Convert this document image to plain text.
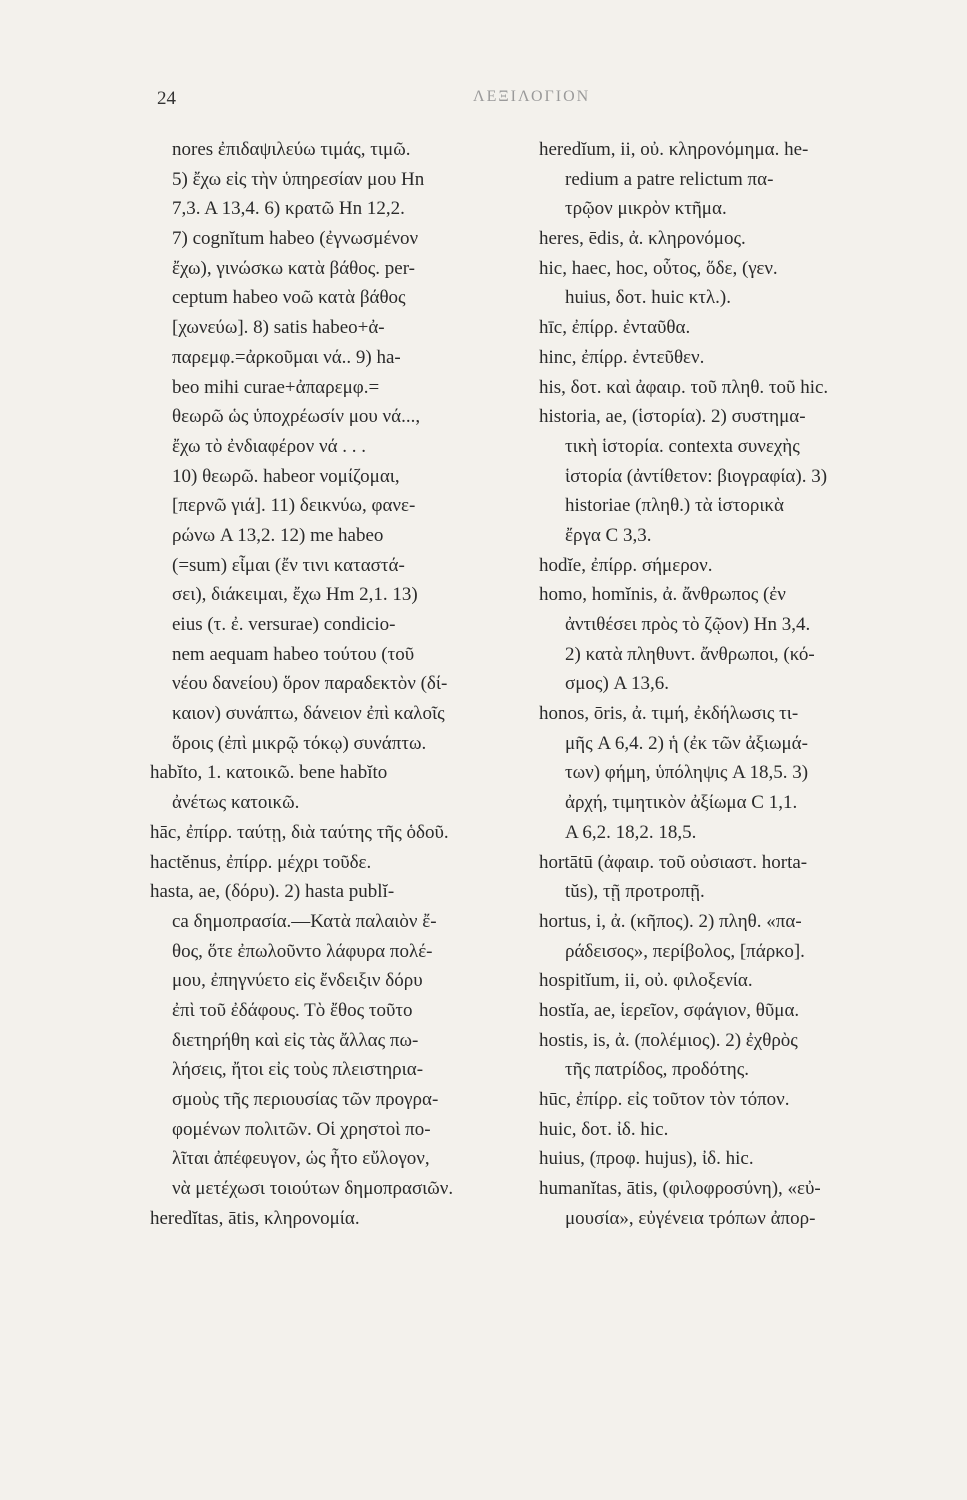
24	ΛΕΞΙΛΟΓΙΟΝ
nores ἐπιδαψιλεύω τιμάς, τιμῶ.
5) ἔχω εἰς τὴν ὑπηρεσίαν μου Hn
7,3. A 13,4. 6) κρατῶ Hn 12,2.
7) cognĭtum habeo (ἐγνωσμένον
ἔχω), γινώσκω κατὰ βάθος. per-
ceptum habeo νοῶ κατὰ βάθος
[χωνεύω]. 8) satis habeo+ἀ-
παρεμφ.=ἀρκοῦμαι νά.. 9) ha-
beo mihi curae+ἀπαρεμφ.=
θεωρῶ ὡς ὑποχρέωσίν μου νά...,
ἔχω τὸ ἐνδιαφέρον νά . . .
10) θεωρῶ. habeor νομίζομαι,
[περνῶ γιά]. 11) δεικνύω, φανε-
ρώνω A 13,2. 12) me habeo
(=sum) εἶμαι (ἔν τινι καταστά-
σει), διάκειμαι, ἔχω Hm 2,1. 13)
eius (τ. ἐ. versurae) condicio-
nem aequam habeo τούτου (τοῦ
νέου δανείου) ὅρον παραδεκτὸν (δί-
καιον) συνάπτω, δάνειον ἐπὶ καλοῖς
ὅροις (ἐπὶ μικρῷ τόκῳ) συνάπτω.
habĭto, 1. κατοικῶ. bene habĭto
ἀνέτως κατοικῶ.
hāc, ἐπίρρ. ταύτῃ, διὰ ταύτης τῆς ὁδοῦ.
hactĕnus, ἐπίρρ. μέχρι τοῦδε.
hasta, ae, (δόρυ). 2) hasta publĭ-
ca δημοπρασία.—Κατὰ παλαιὸν ἔ-
θος, ὅτε ἐπωλοῦντο λάφυρα πολέ-
μου, ἐπηγνύετο εἰς ἔνδειξιν δόρυ
ἐπὶ τοῦ ἐδάφους. Τὸ ἔθος τοῦτο
διετηρήθη καὶ εἰς τὰς ἄλλας πω-
λήσεις, ἤτοι εἰς τοὺς πλειστηρια-
σμοὺς τῆς περιουσίας τῶν προγρα-
φομένων πολιτῶν. Οἱ χρηστοὶ πο-
λῖται ἀπέφευγον, ὡς ἦτο εὔλογον,
νὰ μετέχωσι τοιούτων δημοπρασιῶν.
heredĭtas, ātis, κληρονομία.
heredĭum, ii, οὐ. κληρονόμημα. he-
redium a patre relictum πα-
τρῷον μικρὸν κτῆμα.
heres, ēdis, ἀ. κληρονόμος.
hic, haec, hoc, οὗτος, ὅδε, (γεν.
huius, δοτ. huic κτλ.).
hīc, ἐπίρρ. ἐνταῦθα.
hinc, ἐπίρρ. ἐντεῦθεν.
his, δοτ. καὶ ἀφαιρ. τοῦ πληθ. τοῦ hic.
historia, ae, (ἱστορία). 2) συστημα-
τικὴ ἱστορία. contexta συνεχὴς
ἱστορία (ἀντίθετον: βιογραφία). 3)
historiae (πληθ.) τὰ ἱστορικὰ
ἔργα C 3,3.
hodĭe, ἐπίρρ. σήμερον.
homo, homĭnis, ἀ. ἄνθρωπος (ἐν
ἀντιθέσει πρὸς τὸ ζῷον) Hn 3,4.
2) κατὰ πληθυντ. ἄνθρωποι, (κό-
σμος) A 13,6.
honos, ōris, ἀ. τιμή, ἐκδήλωσις τι-
μῆς A 6,4. 2) ἡ (ἐκ τῶν ἀξιωμά-
των) φήμη, ὑπόληψις A 18,5. 3)
ἀρχή, τιμητικὸν ἀξίωμα C 1,1.
A 6,2. 18,2. 18,5.
hortātū (ἀφαιρ. τοῦ οὐσιαστ. horta-
tŭs), τῇ προτροπῇ.
hortus, i, ἀ. (κῆπος). 2) πληθ. «πα-
ράδεισος», περίβολος, [πάρκο].
hospitĭum, ii, οὐ. φιλοξενία.
hostĭa, ae, ἱερεῖον, σφάγιον, θῦμα.
hostis, is, ἀ. (πολέμιος). 2) ἐχθρὸς
τῆς πατρίδος, προδότης.
hūc, ἐπίρρ. εἰς τοῦτον τὸν τόπον.
huic, δοτ. ἰδ. hic.
huius, (προφ. hujus), ἰδ. hic.
humanĭtas, ātis, (φιλοφροσύνη), «εὐ-
μουσία», εὐγένεια τρόπων ἀπορ-
